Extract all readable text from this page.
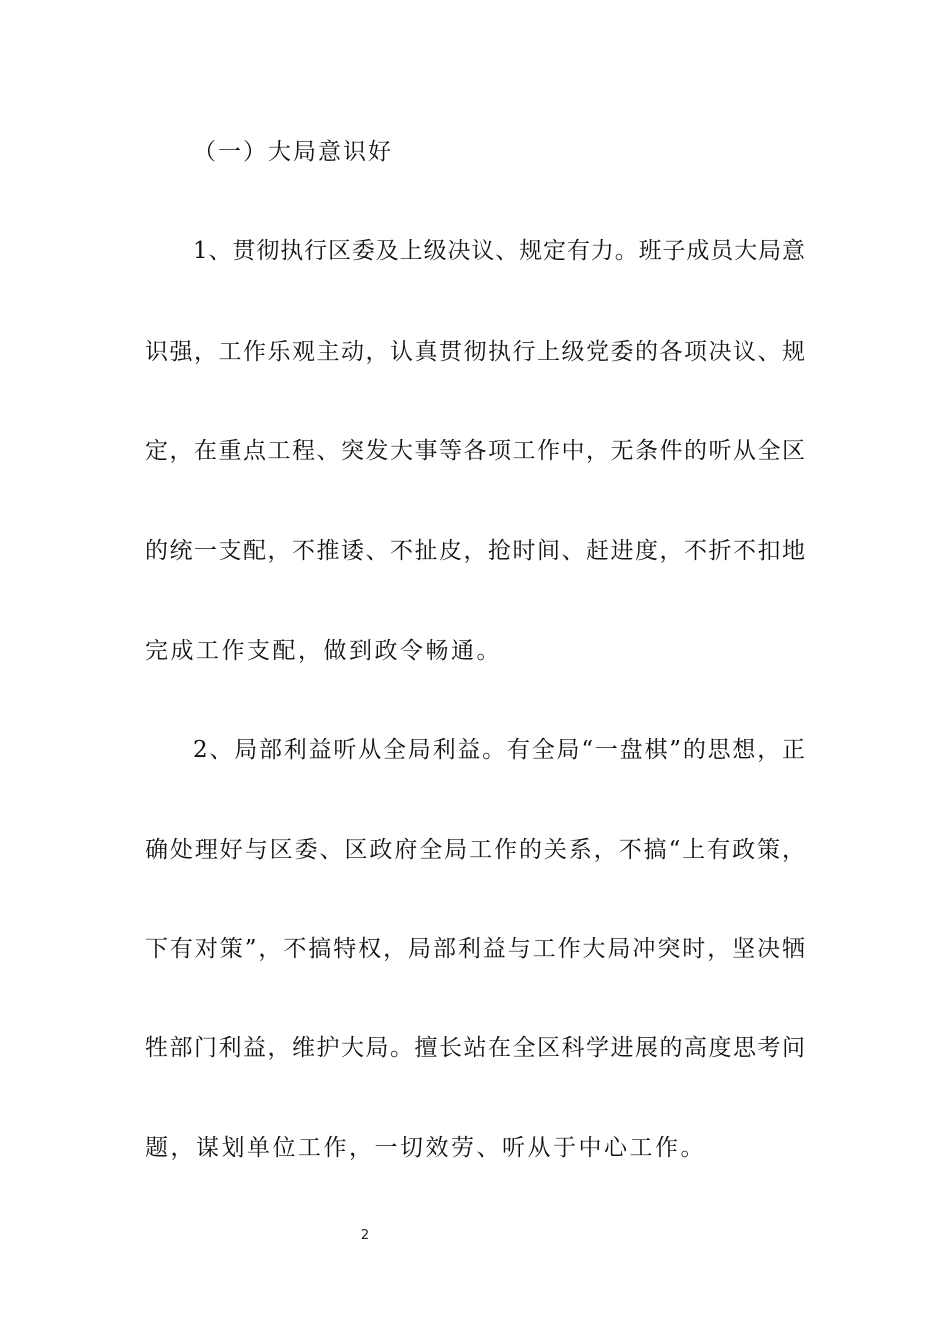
（一）大局意识好
1、贯彻执行区委及上级决议、规定有力。班子成员大局意
识强，工作乐观主动，认真贯彻执行上级党委的各项决议、规
定，在重点工程、突发大事等各项工作中，无条件的听从全区
的统一支配，不推诿、不扯皮，抢时间、赶进度，不折不扣地
完成工作支配，做到政令畅通。
2、局部利益听从全局利益。有全局“一盘棋”的思想，正
确处理好与区委、区政府全局工作的关系，不搞“上有政策，
下有对策”，不搞特权，局部利益与工作大局冲突时，坚决牺
牲部门利益，维护大局。擅长站在全区科学进展的高度思考问
题，谋划单位工作，一切效劳、听从于中心工作。
2
